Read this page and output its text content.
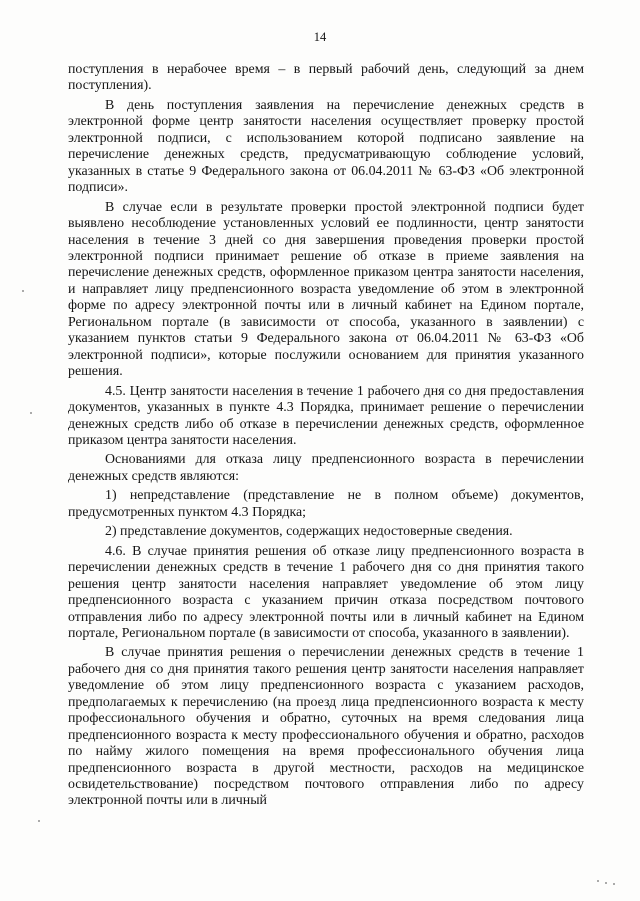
14

поступления в нерабочее время – в первый рабочий день, следующий за днем поступления).

В день поступления заявления на перечисление денежных средств в электронной форме центр занятости населения осуществляет проверку простой электронной подписи, с использованием которой подписано заявление на перечисление денежных средств, предусматривающую соблюдение условий, указанных в статье 9 Федерального закона от 06.04.2011 № 63-ФЗ «Об электронной подписи».

В случае если в результате проверки простой электронной подписи будет выявлено несоблюдение установленных условий ее подлинности, центр занятости населения в течение 3 дней со дня завершения проведения проверки простой электронной подписи принимает решение об отказе в приеме заявления на перечисление денежных средств, оформленное приказом центра занятости населения, и направляет лицу предпенсионного возраста уведомление об этом в электронной форме по адресу электронной почты или в личный кабинет на Едином портале, Региональном портале (в зависимости от способа, указанного в заявлении) с указанием пунктов статьи 9 Федерального закона от 06.04.2011 № 63-ФЗ «Об электронной подписи», которые послужили основанием для принятия указанного решения.

4.5. Центр занятости населения в течение 1 рабочего дня со дня предоставления документов, указанных в пункте 4.3 Порядка, принимает решение о перечислении денежных средств либо об отказе в перечислении денежных средств, оформленное приказом центра занятости населения.

Основаниями для отказа лицу предпенсионного возраста в перечислении денежных средств являются:

1) непредставление (представление не в полном объеме) документов, предусмотренных пунктом 4.3 Порядка;

2) представление документов, содержащих недостоверные сведения.

4.6. В случае принятия решения об отказе лицу предпенсионного возраста в перечислении денежных средств в течение 1 рабочего дня со дня принятия такого решения центр занятости населения направляет уведомление об этом лицу предпенсионного возраста с указанием причин отказа посредством почтового отправления либо по адресу электронной почты или в личный кабинет на Едином портале, Региональном портале (в зависимости от способа, указанного в заявлении).

В случае принятия решения о перечислении денежных средств в течение 1 рабочего дня со дня принятия такого решения центр занятости населения направляет уведомление об этом лицу предпенсионного возраста с указанием расходов, предполагаемых к перечислению (на проезд лица предпенсионного возраста к месту профессионального обучения и обратно, суточных на время следования лица предпенсионного возраста к месту профессионального обучения и обратно, расходов по найму жилого помещения на время профессионального обучения лица предпенсионного возраста в другой местности, расходов на медицинское освидетельствование) посредством почтового отправления либо по адресу электронной почты или в личный
